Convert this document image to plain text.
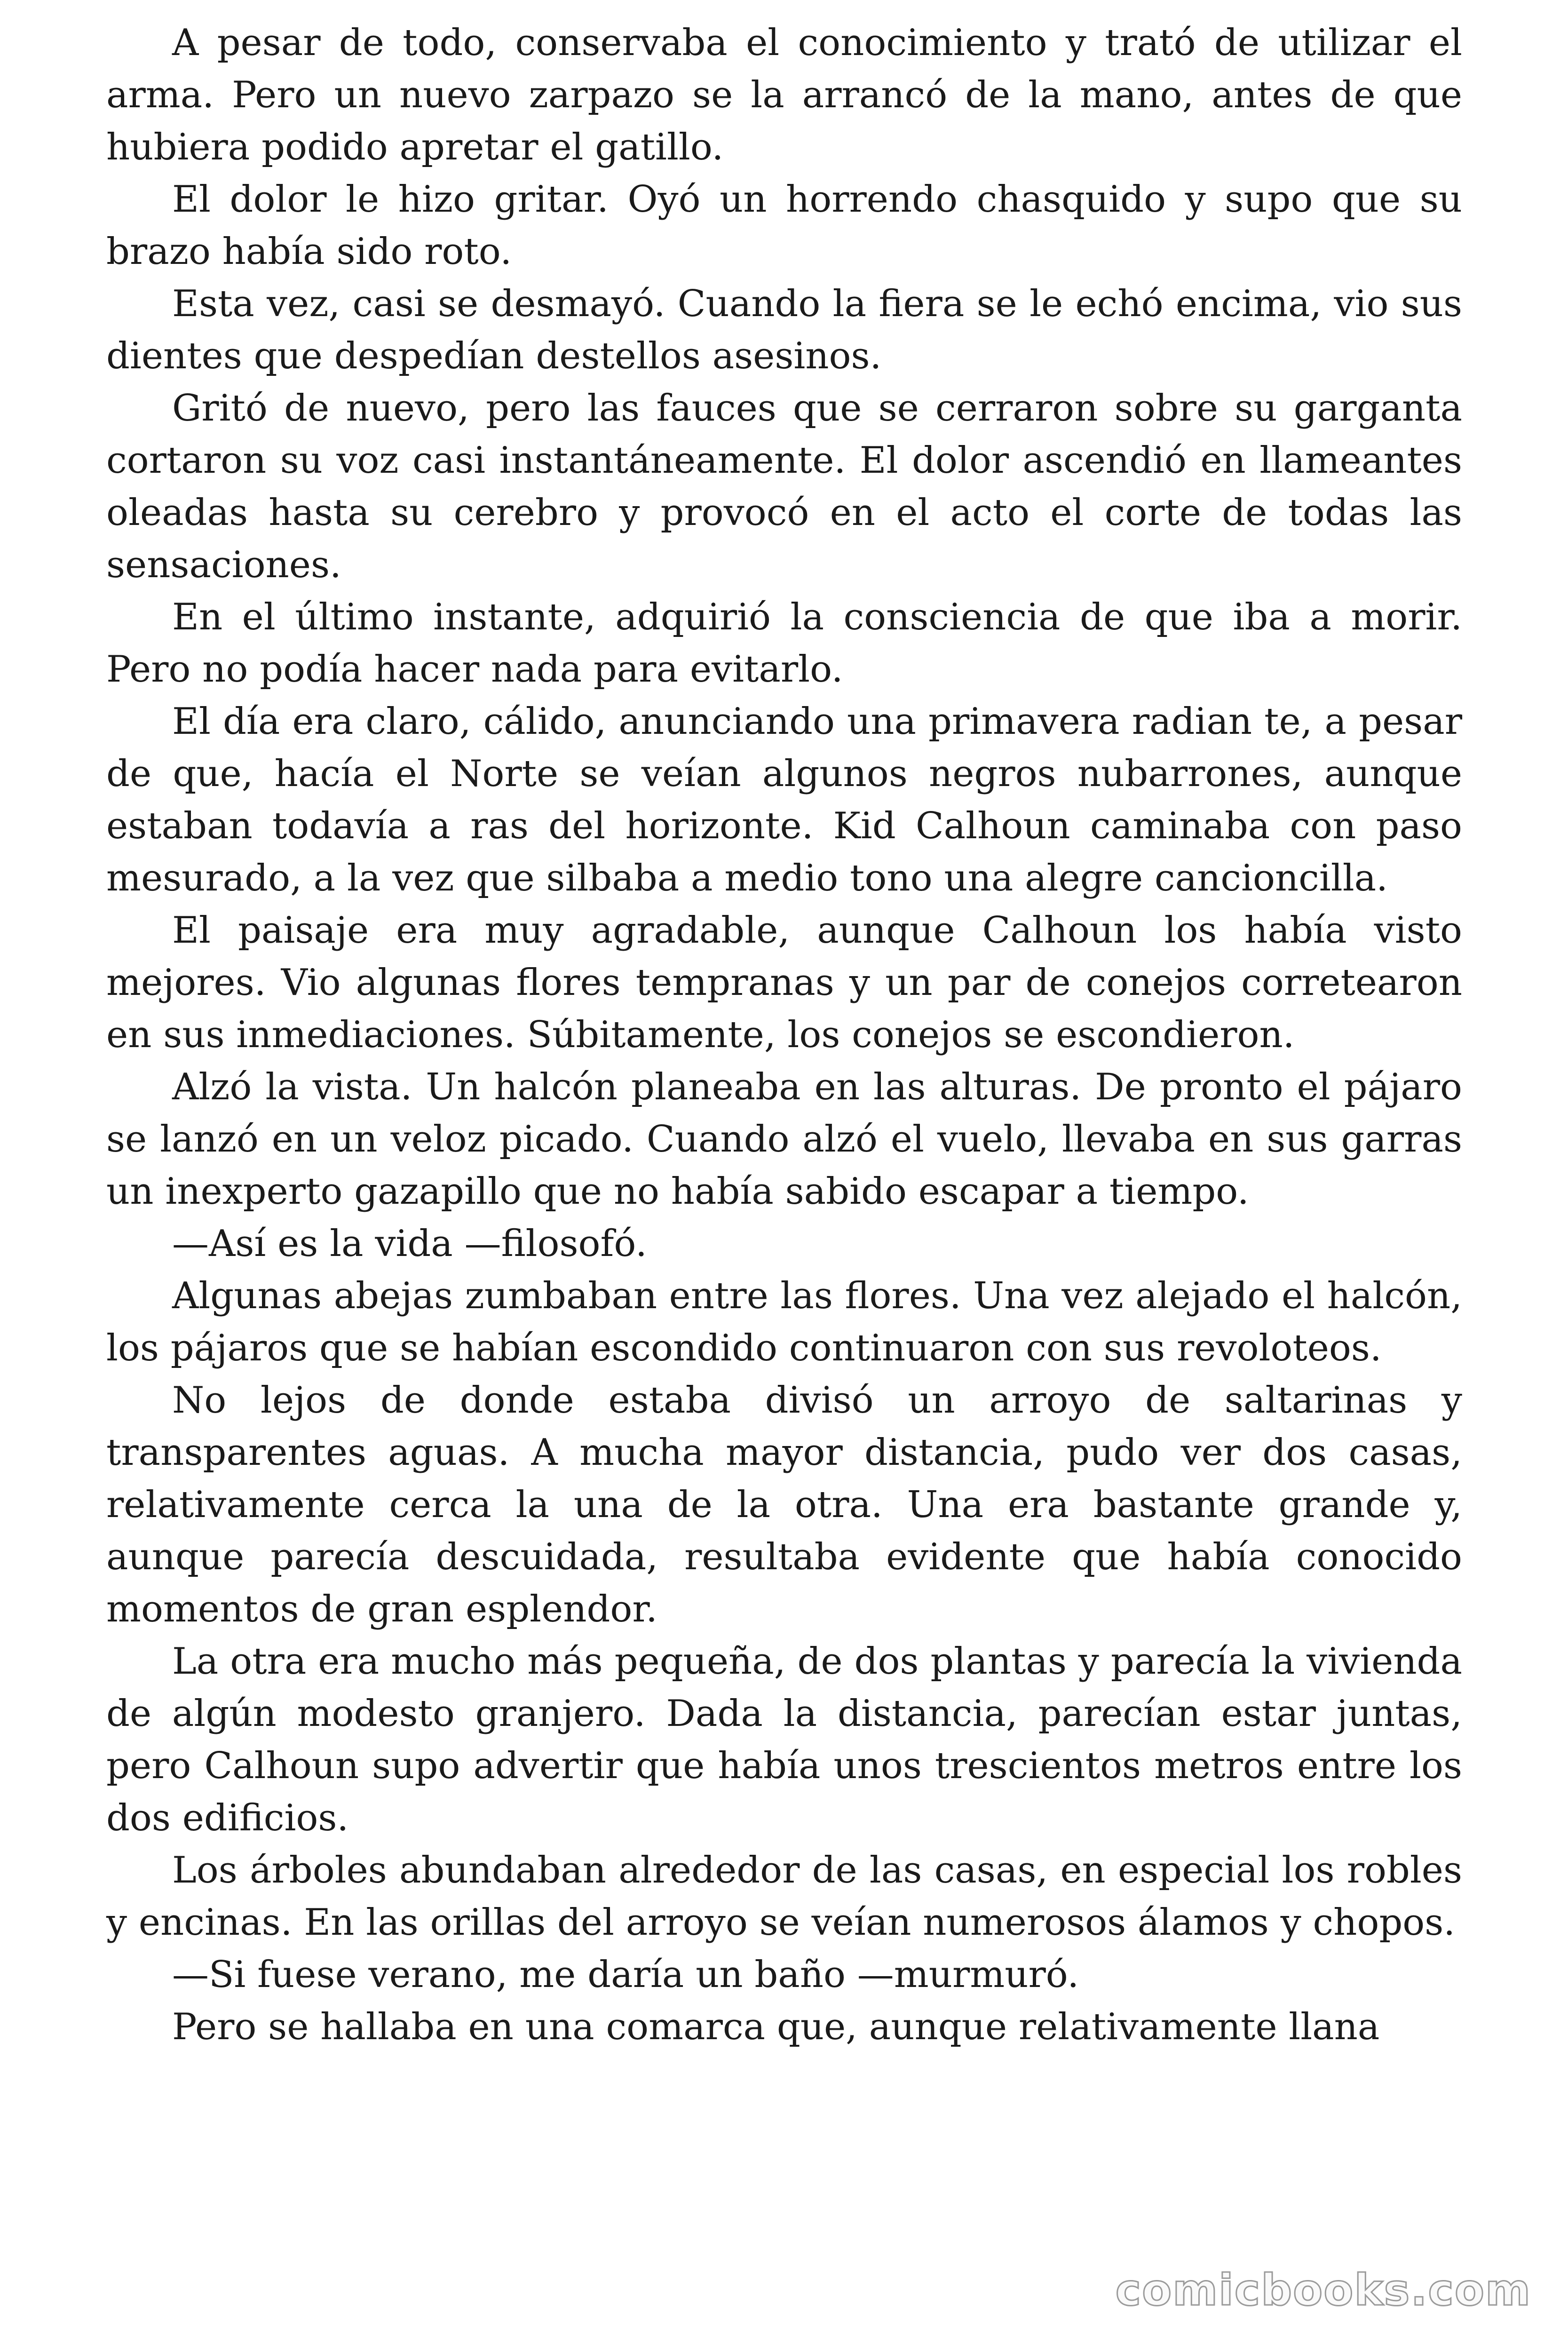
A pesar de todo, conservaba el conocimiento y trató de utilizar el arma. Pero un nuevo zarpazo se la arrancó de la mano, antes de que hubiera podido apretar el gatillo.

El dolor le hizo gritar. Oyó un horrendo chasquido y supo que su brazo había sido roto.

Esta vez, casi se desmayó. Cuando la fiera se le echó encima, vio sus dientes que despedían destellos asesinos.

Gritó de nuevo, pero las fauces que se cerraron sobre su garganta cortaron su voz casi instantáneamente. El dolor ascendió en llameantes oleadas hasta su cerebro y provocó en el acto el corte de todas las sensaciones.

En el último instante, adquirió la consciencia de que iba a morir. Pero no podía hacer nada para evitarlo.

El día era claro, cálido, anunciando una primavera radian te, a pesar de que, hacía el Norte se veían algunos negros nubarrones, aunque estaban todavía a ras del horizonte. Kid Calhoun caminaba con paso mesurado, a la vez que silbaba a medio tono una alegre cancioncilla.

El paisaje era muy agradable, aunque Calhoun los había visto mejores. Vio algunas flores tempranas y un par de conejos corretearon en sus inmediaciones. Súbitamente, los conejos se escondieron.

Alzó la vista. Un halcón planeaba en las alturas. De pronto el pájaro se lanzó en un veloz picado. Cuando alzó el vuelo, llevaba en sus garras un inexperto gazapillo que no había sabido escapar a tiempo.

—Así es la vida —filosofó.

Algunas abejas zumbaban entre las flores. Una vez alejado el halcón, los pájaros que se habían escondido continuaron con sus revoloteos.

No lejos de donde estaba divisó un arroyo de saltarinas y transparentes aguas. A mucha mayor distancia, pudo ver dos casas, relativamente cerca la una de la otra. Una era bastante grande y, aunque parecía descuidada, resultaba evidente que había conocido momentos de gran esplendor.

La otra era mucho más pequeña, de dos plantas y parecía la vivienda de algún modesto granjero. Dada la distancia, parecían estar juntas, pero Calhoun supo advertir que había unos trescientos metros entre los dos edificios.

Los árboles abundaban alrededor de las casas, en especial los robles y encinas. En las orillas del arroyo se veían numerosos álamos y chopos.

—Si fuese verano, me daría un baño —murmuró.

Pero se hallaba en una comarca que, aunque relativamente llana

comicbooks.com
